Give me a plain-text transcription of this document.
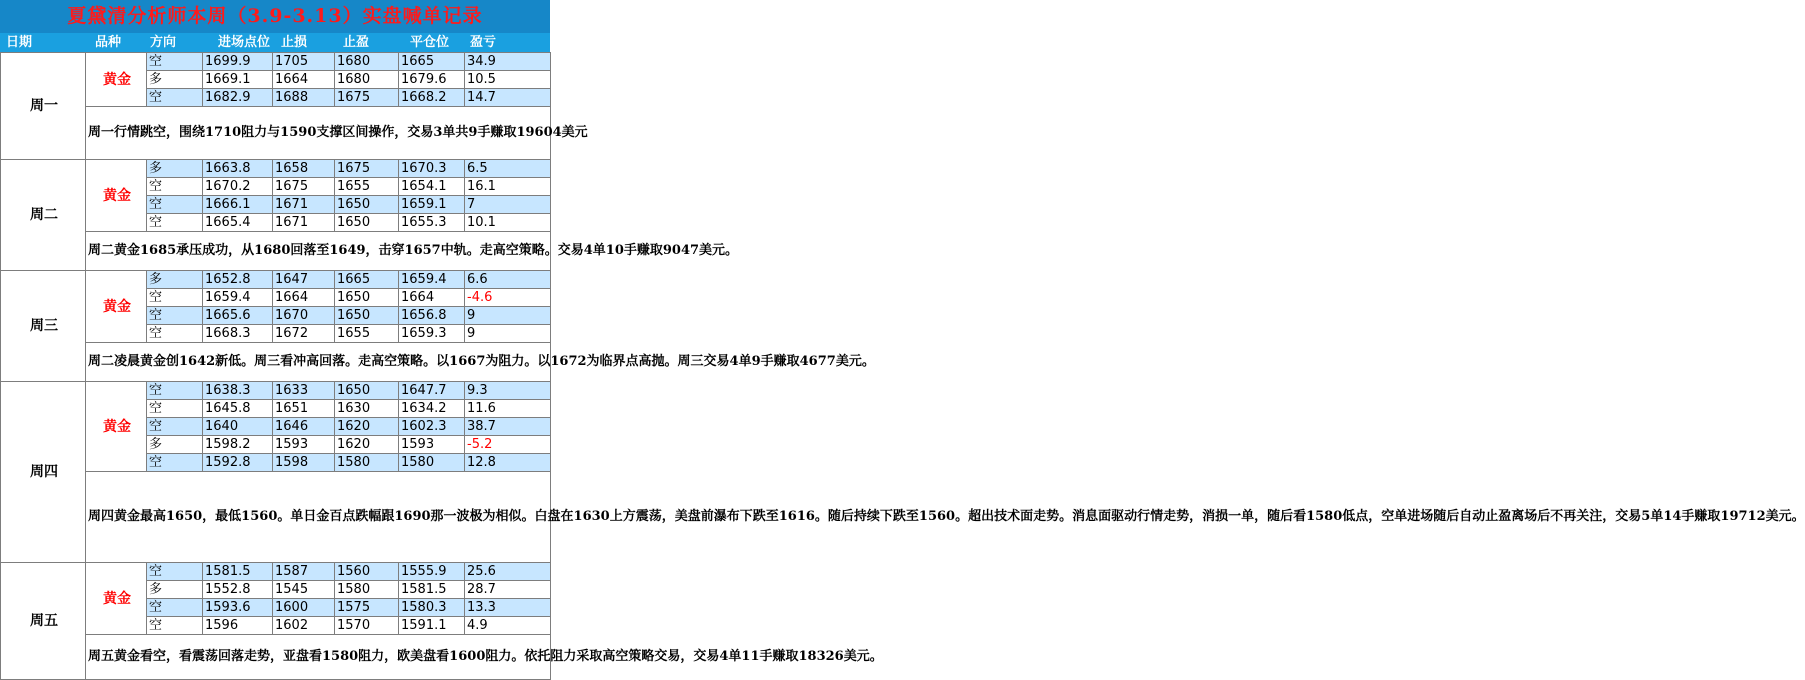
夏黛清分析师本周（3.9-3.13）实盘喊单记录
日期	品种 方向	进场点位 止损	止盈	平仓位 盈亏
周一	黄金	空	1699.9	1705	1680	1665	34.9
		多	1669.1	1664	1680	1679.6	10.5
		空	1682.9	1688	1675	1668.2	14.7
	周一行情跳空，围绕1710阻力与1590支撑区间操作，交易3单共9手赚取19604美元						
周二	黄金	多	1663.8	1658	1675	1670.3	6.5
		空	1670.2	1675	1655	1654.1	16.1
		空	1666.1	1671	1650	1659.1	7
		空	1665.4	1671	1650	1655.3	10.1
	周二黄金1685承压成功，从1680回落至1649，击穿1657中轨。走高空策略。交易4单10手赚取9047美元。						
周三	黄金	多	1652.8	1647	1665	1659.4	6.6
		空	1659.4	1664	1650	1664	-4.6
		空	1665.6	1670	1650	1656.8	9
		空	1668.3	1672	1655	1659.3	9
	周二凌晨黄金创1642新低。周三看冲高回落。走高空策略。以1667为阻力。以1672为临界点高抛。周三交易4单9手赚取4677美元。						
周四	黄金	空	1638.3	1633	1650	1647.7	9.3
		空	1645.8	1651	1630	1634.2	11.6
		空	1640	1646	1620	1602.3	38.7
		多	1598.2	1593	1620	1593	-5.2
		空	1592.8	1598	1580	1580	12.8
	周四黄金最高1650，最低1560。单日金百点跌幅跟1690那一波极为相似。白盘在1630上方震荡，美盘前瀑布下跌至1616。随后持续下跌至1560。超出技术面走势。消息面驱动行情走势，消损一单，随后看1580低点，空单进场随后自动止盈离场后不再关注，交易5单14手赚取19712美元。						
周五	黄金	空	1581.5	1587	1560	1555.9	25.6
		多	1552.8	1545	1580	1581.5	28.7
		空	1593.6	1600	1575	1580.3	13.3
		空	1596	1602	1570	1591.1	4.9
	周五黄金看空，看震荡回落走势，亚盘看1580阻力，欧美盘看1600阻力。依托阻力采取高空策略交易，交易4单11手赚取18326美元。						
